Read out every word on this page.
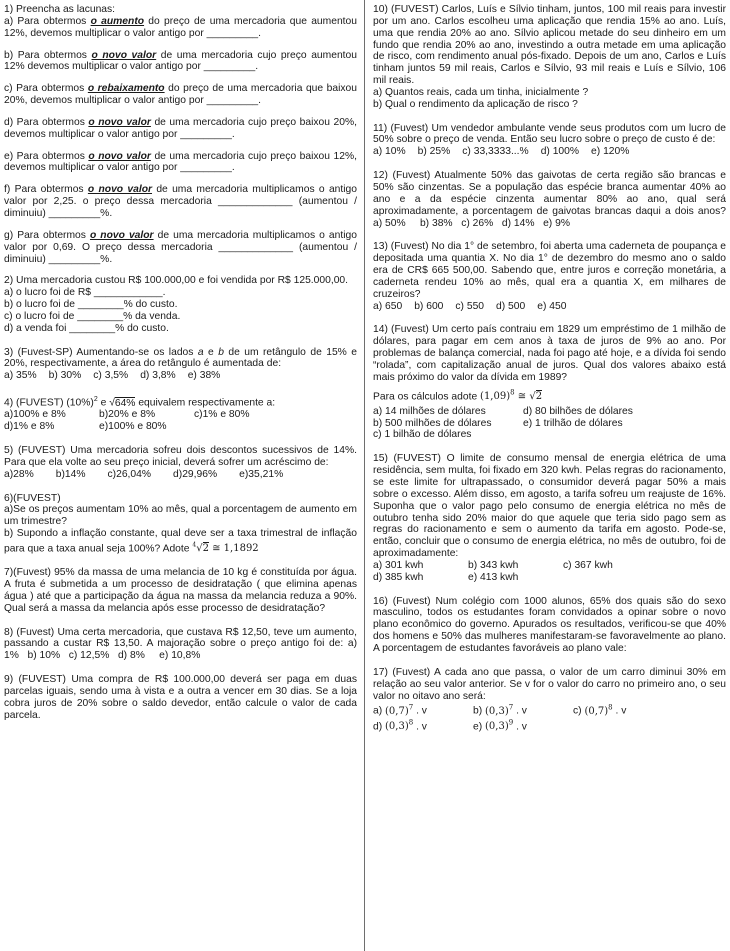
1) Preencha as lacunas:
a) Para obtermos o aumento do preço de uma mercadoria que aumentou 12%, devemos multiplicar o valor antigo por _________.
b) Para obtermos o novo valor de uma mercadoria cujo preço aumentou 12% devemos multiplicar o valor antigo por _________.
c) Para obtermos o rebaixamento do preço de uma mercadoria que baixou 20%, devemos multiplicar o valor antigo por _________.
d) Para obtermos o novo valor de uma mercadoria cujo preço baixou 20%, devemos multiplicar o valor antigo por _________.
e) Para obtermos o novo valor de uma mercadoria cujo preço baixou 12%, devemos multiplicar o valor antigo por _________.
f) Para obtermos o novo valor de uma mercadoria multiplicamos o antigo valor por 2,25. o preço dessa mercadoria _____________ (aumentou / diminuiu) _________%.
g) Para obtermos o novo valor de uma mercadoria multiplicamos o antigo valor por 0,69. O preço dessa mercadoria _____________ (aumentou / diminuiu) _________%.
2) Uma mercadoria custou R$ 100.000,00 e foi vendida por R$ 125.000,00.
a) o lucro foi de R$ ____________.
b) o lucro foi de ________% do custo.
c) o lucro foi de ________% da venda.
d) a venda foi ________% do custo.
3) (Fuvest-SP) Aumentando-se os lados a e b de um retângulo de 15% e 20%, respectivamente, a área do retângulo é aumentada de:
a) 35% b) 30% c) 3,5% d) 3,8% e) 38%
4) (FUVEST) $(10\%)^2$ e √64% equivalem respectivamente a:
a)100% e 8%	b)20% e 8%	c)1% e 80%
d)1% e 8%	e)100% e 80%
5) (FUVEST) Uma mercadoria sofreu dois descontos sucessivos de 14%. Para que ela volte ao seu preço inicial, deverá sofrer um acréscimo de:
a)28% b)14% c)26,04% d)29,96% e)35,21%
6)(FUVEST)
a)Se os preços aumentam 10% ao mês, qual a porcentagem de aumento em um trimestre?
b) Supondo a inflação constante, qual deve ser a taxa trimestral de inflação para que a taxa anual seja 100%? Adote $^4$√2 ≅ 1,1892
7)(Fuvest) 95% da massa de uma melancia de 10 kg é constituída por água. A fruta é submetida a um processo de desidratação ( que elimina apenas água ) até que a participação da água na massa da melancia reduza a 90%. Qual será a massa da melancia após esse processo de desidratação?
8) (Fuvest) Uma certa mercadoria, que custava R$ 12,50, teve um aumento, passando a custar R$ 13,50. A majoração sobre o preço antigo foi de: a) 1% b) 10% c) 12,5% d) 8% e) 10,8%
9) (FUVEST) Uma compra de R$ 100.000,00 deverá ser paga em duas parcelas iguais, sendo uma à vista e a outra a vencer em 30 dias. Se a loja cobra juros de 20% sobre o saldo devedor, então calcule o valor de cada parcela.
10) (FUVEST) Carlos, Luís e Sílvio tinham, juntos, 100 mil reais para investir por um ano. Carlos escolheu uma aplicação que rendia 15% ao ano. Luís, uma que rendia 20% ao ano. Sílvio aplicou metade do seu dinheiro em um fundo que rendia 20% ao ano, investindo a outra metade em uma aplicação de risco, com rendimento anual pós-fixado. Depois de um ano, Carlos e Luís tinham juntos 59 mil reais, Carlos e Sílvio, 93 mil reais e Luís e Sílvio, 106 mil reais.
a) Quantos reais, cada um tinha, inicialmente ?
b) Qual o rendimento da aplicação de risco ?
11) (Fuvest) Um vendedor ambulante vende seus produtos com um lucro de 50% sobre o preço de venda. Então seu lucro sobre o preço de custo é de:
a) 10% b) 25% c) 33,3333...% d) 100% e) 120%
12) (Fuvest) Atualmente 50% das gaivotas de certa região são brancas e 50% são cinzentas. Se a população das espécie branca aumentar 40% ao ano e a da espécie cinzenta aumentar 80% ao ano, qual será aproximadamente, a porcentagem de gaivotas brancas daqui a dois anos? a) 50% b) 38% c) 26% d) 14% e) 9%
13) (Fuvest) No dia 1° de setembro, foi aberta uma caderneta de poupança e depositada uma quantia X. No dia 1° de dezembro do mesmo ano o saldo era de CR$ 665 500,00. Sabendo que, entre juros e correção monetária, a caderneta rendeu 10% ao mês, qual era a quantia X, em milhares de cruzeiros?
a) 650 b) 600 c) 550 d) 500 e) 450
14) (Fuvest) Um certo país contraiu em 1829 um empréstimo de 1 milhão de dólares, para pagar em cem anos à taxa de juros de 9% ao ano. Por problemas de balança comercial, nada foi pago até hoje, e a dívida foi sendo “rolada”, com capitalização anual de juros. Qual dos valores abaixo está mais próximo do valor da dívida em 1989?
Para os cálculos adote $(1,09)^8$ ≅ √2
a) 14 milhões de dólares	d) 80 bilhões de dólares
b) 500 milhões de dólares	e) 1 trilhão de dólares
c) 1 bilhão de dólares
15) (FUVEST) O limite de consumo mensal de energia elétrica de uma residência, sem multa, foi fixado em 320 kwh. Pelas regras do racionamento, se este limite for ultrapassado, o consumidor deverá pagar 50% a mais sobre o excesso. Além disso, em agosto, a tarifa sofreu um reajuste de 16%. Suponha que o valor pago pelo consumo de energia elétrica no mês de outubro tenha sido 20% maior do que aquele que teria sido pago sem as regras do racionamento e sem o aumento da tarifa em agosto. Pode-se, então, concluir que o consumo de energia elétrica, no mês de outubro, foi de aproximadamente:
a) 301 kwh	b) 343 kwh	c) 367 kwh
d) 385 kwh	e) 413 kwh
16) (Fuvest) Num colégio com 1000 alunos, 65% dos quais são do sexo masculino, todos os estudantes foram convidados a opinar sobre o novo plano econômico do governo. Apurados os resultados, verificou-se que 40% dos homens e 50% das mulheres manifestaram-se favoravelmente ao plano. A porcentagem de estudantes favoráveis ao plano vale:
17) (Fuvest) A cada ano que passa, o valor de um carro diminui 30% em relação ao seu valor anterior. Se v for o valor do carro no primeiro ano, o seu valor no oitavo ano será:
a) $(0,7)^7$ . v	b) $(0,3)^7$ . v	c) $(0,7)^8$ . v
d) $(0,3)^8$ . v	e) $(0,3)^9$ . v
